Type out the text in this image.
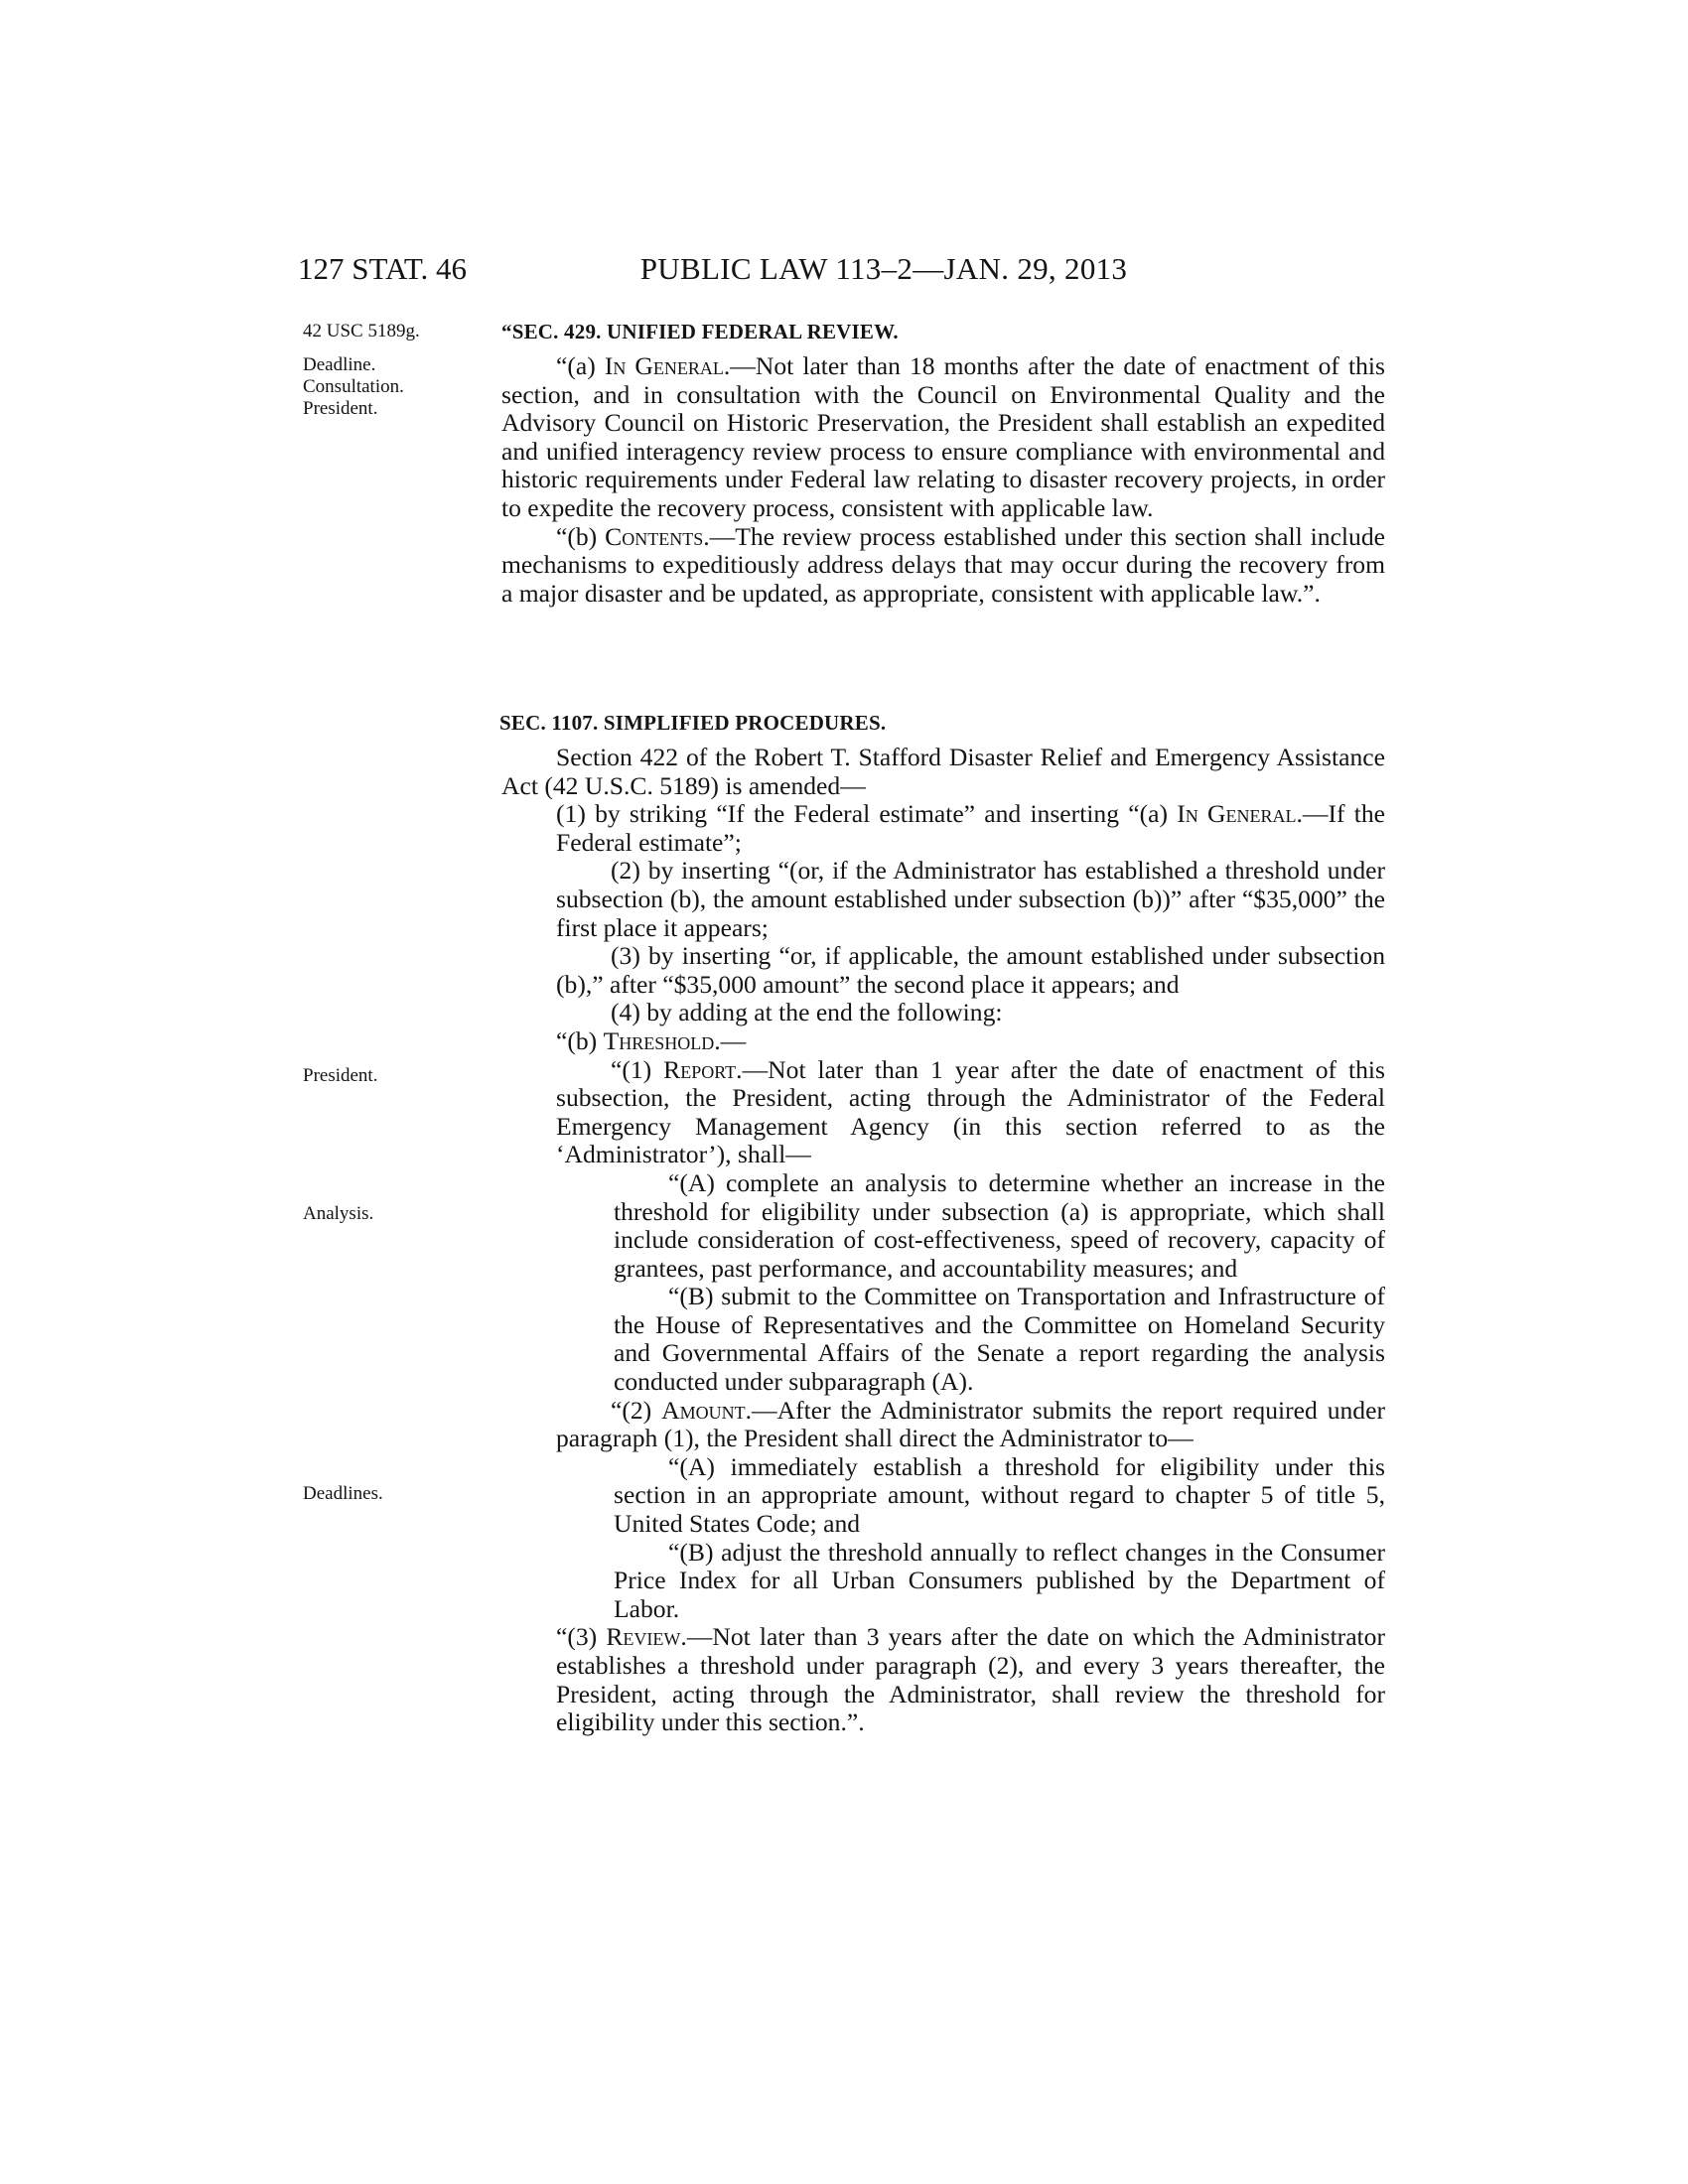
127 STAT. 46	PUBLIC LAW 113–2—JAN. 29, 2013
42 USC 5189g.
Deadline.
Consultation.
President.
President.
Analysis.
Deadlines.
“SEC. 429. UNIFIED FEDERAL REVIEW.

“(a) In General.—Not later than 18 months after the date of enactment of this section, and in consultation with the Council on Environmental Quality and the Advisory Council on Historic Preservation, the President shall establish an expedited and unified interagency review process to ensure compliance with environmental and historic requirements under Federal law relating to disaster recovery projects, in order to expedite the recovery process, consistent with applicable law.

“(b) Contents.—The review process established under this section shall include mechanisms to expeditiously address delays that may occur during the recovery from a major disaster and be updated, as appropriate, consistent with applicable law.”.

SEC. 1107. SIMPLIFIED PROCEDURES.

Section 422 of the Robert T. Stafford Disaster Relief and Emergency Assistance Act (42 U.S.C. 5189) is amended—

(1) by striking “If the Federal estimate” and inserting “(a) In General.—If the Federal estimate”;

(2) by inserting “(or, if the Administrator has established a threshold under subsection (b), the amount established under subsection (b))” after “$35,000” the first place it appears;

(3) by inserting “or, if applicable, the amount established under subsection (b),” after “$35,000 amount” the second place it appears; and

(4) by adding at the end the following:

“(b) Threshold.—

“(1) Report.—Not later than 1 year after the date of enactment of this subsection, the President, acting through the Administrator of the Federal Emergency Management Agency (in this section referred to as the ‘Administrator’), shall—

“(A) complete an analysis to determine whether an increase in the threshold for eligibility under subsection (a) is appropriate, which shall include consideration of cost-effectiveness, speed of recovery, capacity of grantees, past performance, and accountability measures; and

“(B) submit to the Committee on Transportation and Infrastructure of the House of Representatives and the Committee on Homeland Security and Governmental Affairs of the Senate a report regarding the analysis conducted under subparagraph (A).

“(2) Amount.—After the Administrator submits the report required under paragraph (1), the President shall direct the Administrator to—

“(A) immediately establish a threshold for eligibility under this section in an appropriate amount, without regard to chapter 5 of title 5, United States Code; and

“(B) adjust the threshold annually to reflect changes in the Consumer Price Index for all Urban Consumers published by the Department of Labor.

“(3) Review.—Not later than 3 years after the date on which the Administrator establishes a threshold under paragraph (2), and every 3 years thereafter, the President, acting through the Administrator, shall review the threshold for eligibility under this section.”.
